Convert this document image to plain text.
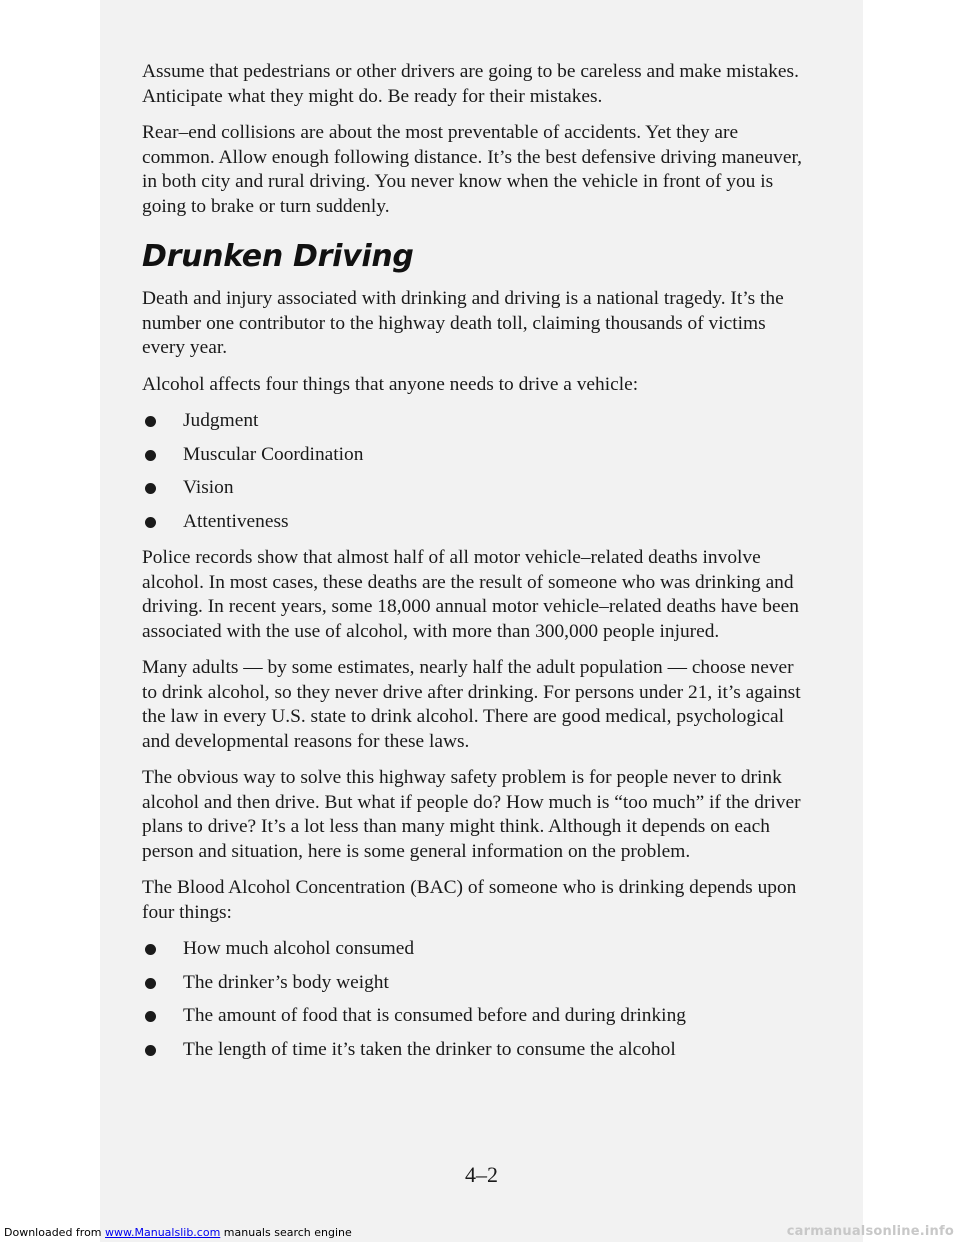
Assume that pedestrians or other drivers are going to be careless and make mistakes. Anticipate what they might do. Be ready for their mistakes.

Rear–end collisions are about the most preventable of accidents. Yet they are common. Allow enough following distance. It’s the best defensive driving maneuver, in both city and rural driving. You never know when the vehicle in front of you is going to brake or turn suddenly.

Drunken Driving

Death and injury associated with drinking and driving is a national tragedy. It’s the number one contributor to the highway death toll, claiming thousands of victims every year.

Alcohol affects four things that anyone needs to drive a vehicle:

Judgment
Muscular Coordination
Vision
Attentiveness

Police records show that almost half of all motor vehicle–related deaths involve alcohol. In most cases, these deaths are the result of someone who was drinking and driving. In recent years, some 18,000 annual motor vehicle–related deaths have been associated with the use of alcohol, with more than 300,000 people injured.

Many adults — by some estimates, nearly half the adult population — choose never to drink alcohol, so they never drive after drinking. For persons under 21, it’s against the law in every U.S. state to drink alcohol. There are good medical, psychological and developmental reasons for these laws.

The obvious way to solve this highway safety problem is for people never to drink alcohol and then drive. But what if people do? How much is “too much” if the driver plans to drive? It’s a lot less than many might think. Although it depends on each person and situation, here is some general information on the problem.

The Blood Alcohol Concentration (BAC) of someone who is drinking depends upon four things:

How much alcohol consumed
The drinker’s body weight
The amount of food that is consumed before and during drinking
The length of time it’s taken the drinker to consume the alcohol
4–2
Downloaded from www.Manualslib.com manuals search engine	carmanualsonline.info
